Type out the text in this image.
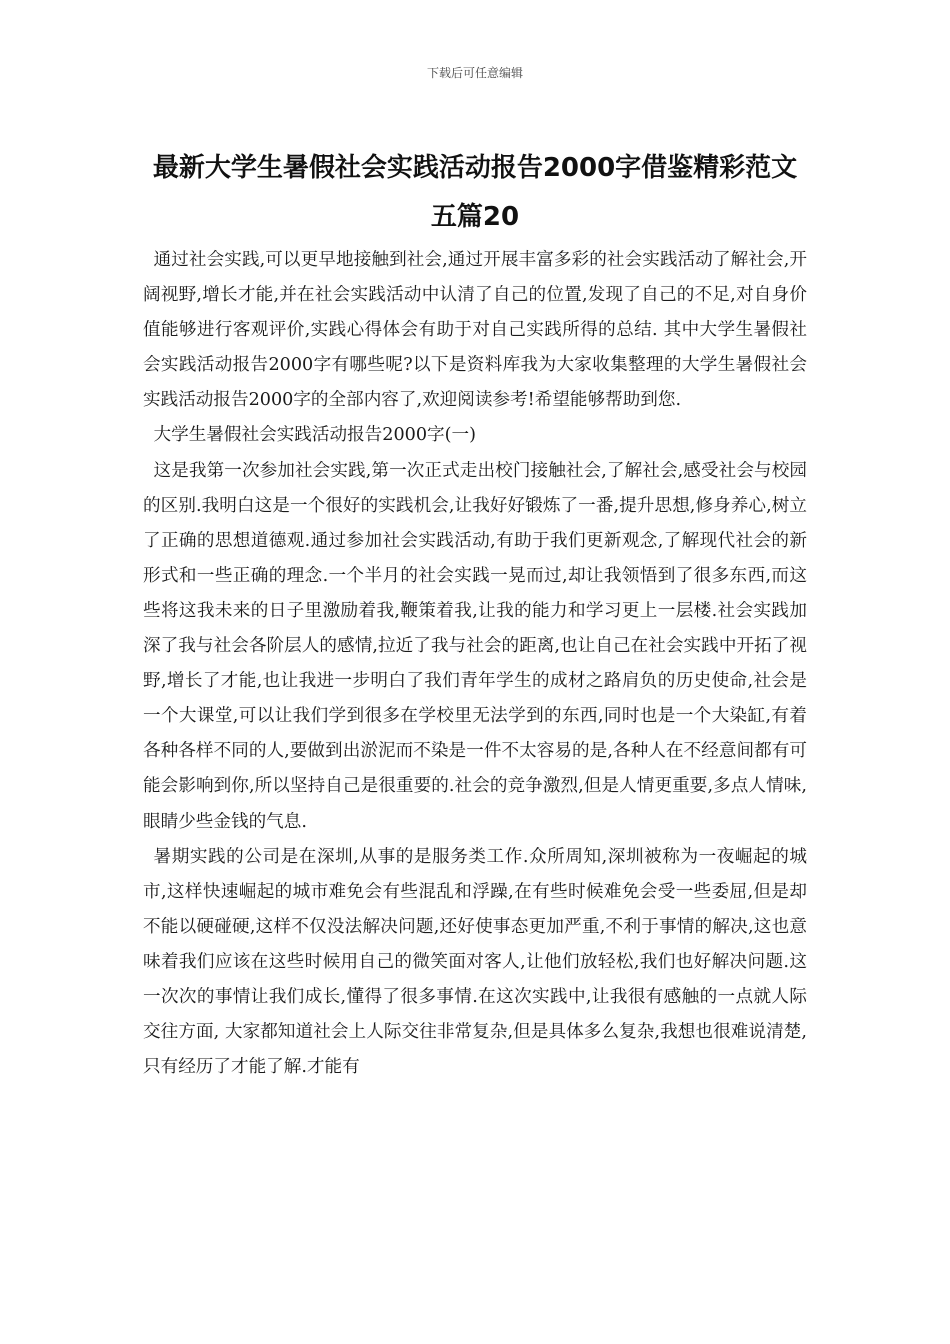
下载后可任意编辑
最新大学生暑假社会实践活动报告2000字借鉴精彩范文五篇20

通过社会实践,可以更早地接触到社会,通过开展丰富多彩的社会实践活动了解社会,开阔视野,增长才能,并在社会实践活动中认清了自己的位置,发现了自己的不足,对自身价值能够进行客观评价,实践心得体会有助于对自己实践所得的总结. 其中大学生暑假社会实践活动报告2000字有哪些呢?以下是资料库我为大家收集整理的大学生暑假社会实践活动报告2000字的全部内容了,欢迎阅读参考!希望能够帮助到您.

大学生暑假社会实践活动报告2000字(一)

这是我第一次参加社会实践,第一次正式走出校门接触社会,了解社会,感受社会与校园的区别.我明白这是一个很好的实践机会,让我好好锻炼了一番,提升思想,修身养心,树立了正确的思想道德观.通过参加社会实践活动,有助于我们更新观念,了解现代社会的新形式和一些正确的理念.一个半月的社会实践一晃而过,却让我领悟到了很多东西,而这些将这我未来的日子里激励着我,鞭策着我,让我的能力和学习更上一层楼.社会实践加深了我与社会各阶层人的感情,拉近了我与社会的距离,也让自己在社会实践中开拓了视野,增长了才能,也让我进一步明白了我们青年学生的成材之路肩负的历史使命,社会是一个大课堂,可以让我们学到很多在学校里无法学到的东西,同时也是一个大染缸,有着各种各样不同的人,要做到出淤泥而不染是一件不太容易的是,各种人在不经意间都有可能会影响到你,所以坚持自己是很重要的.社会的竞争激烈,但是人情更重要,多点人情味,眼睛少些金钱的气息.

暑期实践的公司是在深圳,从事的是服务类工作.众所周知,深圳被称为一夜崛起的城市,这样快速崛起的城市难免会有些混乱和浮躁,在有些时候难免会受一些委屈,但是却不能以硬碰硬,这样不仅没法解决问题,还好使事态更加严重,不利于事情的解决,这也意味着我们应该在这些时候用自己的微笑面对客人,让他们放轻松,我们也好解决问题.这一次次的事情让我们成长,懂得了很多事情.在这次实践中,让我很有感触的一点就人际交往方面, 大家都知道社会上人际交往非常复杂,但是具体多么复杂,我想也很难说清楚,只有经历了才能了解.才能有
